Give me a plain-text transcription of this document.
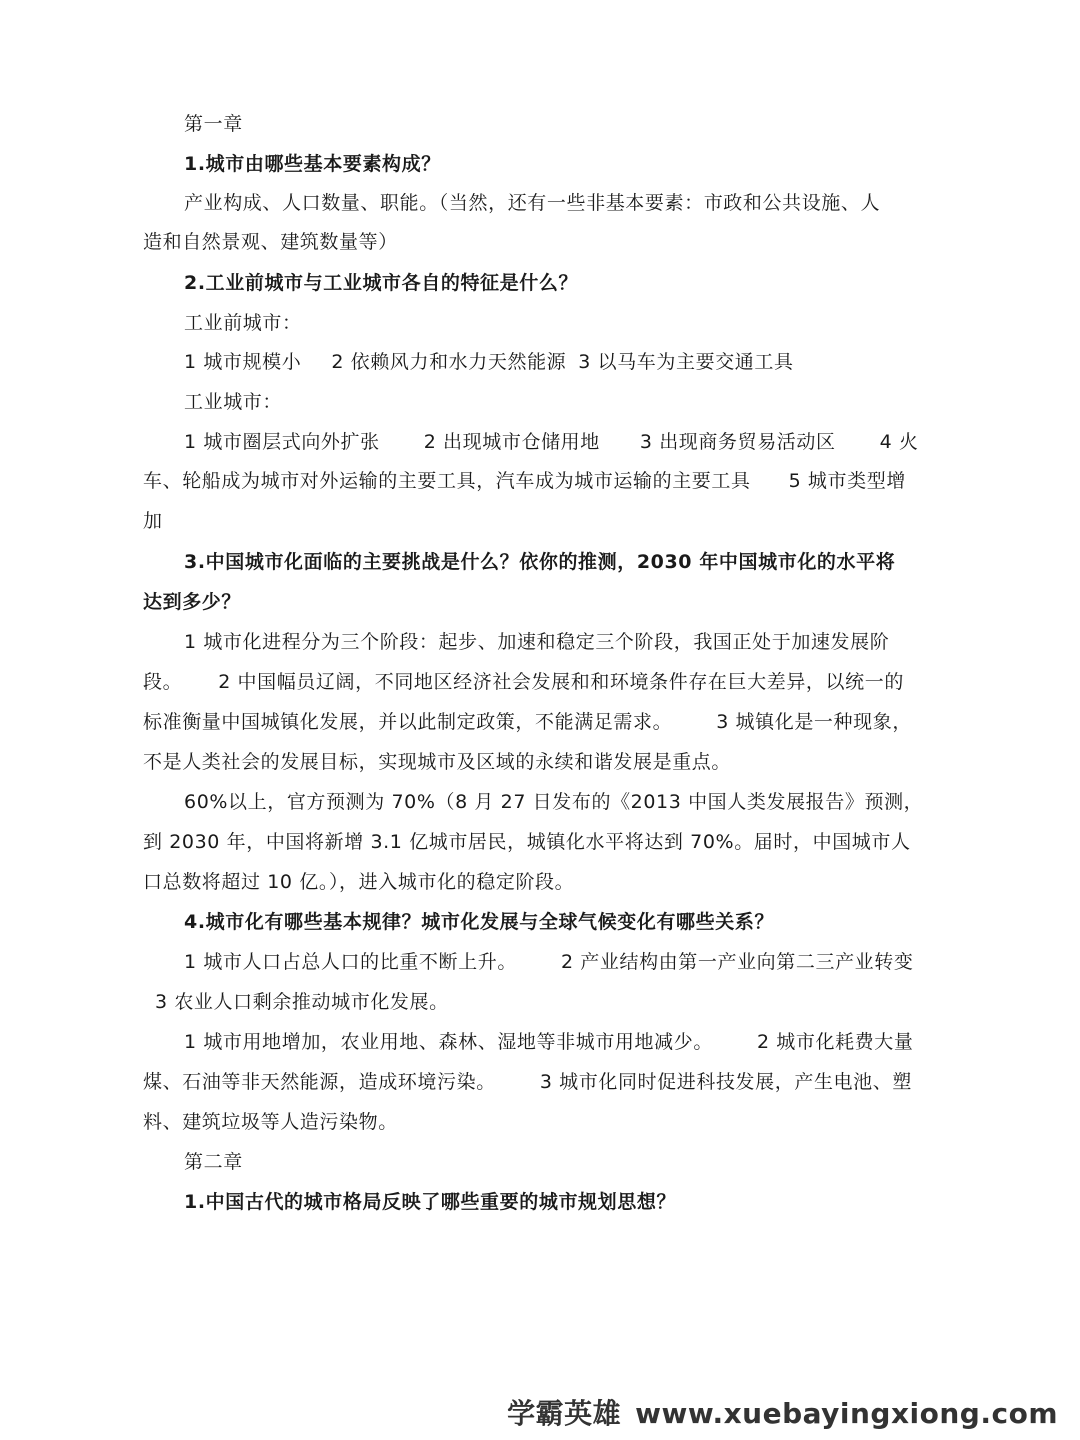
第一章

1.城市由哪些基本要素构成？

产业构成、人口数量、职能。（当然，还有一些非基本要素：市政和公共设施、人

造和自然景观、建筑数量等）

2.工业前城市与工业城市各自的特征是什么？

工业前城市：

1 城市规模小 2 依赖风力和水力天然能源 3 以马车为主要交通工具

工业城市：

1 城市圈层式向外扩张 2 出现城市仓储用地 3 出现商务贸易活动区 4 火

车、轮船成为城市对外运输的主要工具，汽车成为城市运输的主要工具 5 城市类型增

加

3.中国城市化面临的主要挑战是什么？依你的推测，2030 年中国城市化的水平将

达到多少？

1 城市化进程分为三个阶段：起步、加速和稳定三个阶段，我国正处于加速发展阶

段。 2 中国幅员辽阔，不同地区经济社会发展和和环境条件存在巨大差异，以统一的

标准衡量中国城镇化发展，并以此制定政策，不能满足需求。 3 城镇化是一种现象，

不是人类社会的发展目标，实现城市及区域的永续和谐发展是重点。

60%以上，官方预测为 70%（8 月 27 日发布的《2013 中国人类发展报告》预测，

到 2030 年，中国将新增 3.1 亿城市居民，城镇化水平将达到 70%。届时，中国城市人

口总数将超过 10 亿。），进入城市化的稳定阶段。

4.城市化有哪些基本规律？城市化发展与全球气候变化有哪些关系？

1 城市人口占总人口的比重不断上升。 2 产业结构由第一产业向第二三产业转变

3 农业人口剩余推动城市化发展。

1 城市用地增加，农业用地、森林、湿地等非城市用地减少。 2 城市化耗费大量

煤、石油等非天然能源，造成环境污染。 3 城市化同时促进科技发展，产生电池、塑

料、建筑垃圾等人造污染物。

第二章

1.中国古代的城市格局反映了哪些重要的城市规划思想？

学霸英雄 www.xuebayingxiong.com
